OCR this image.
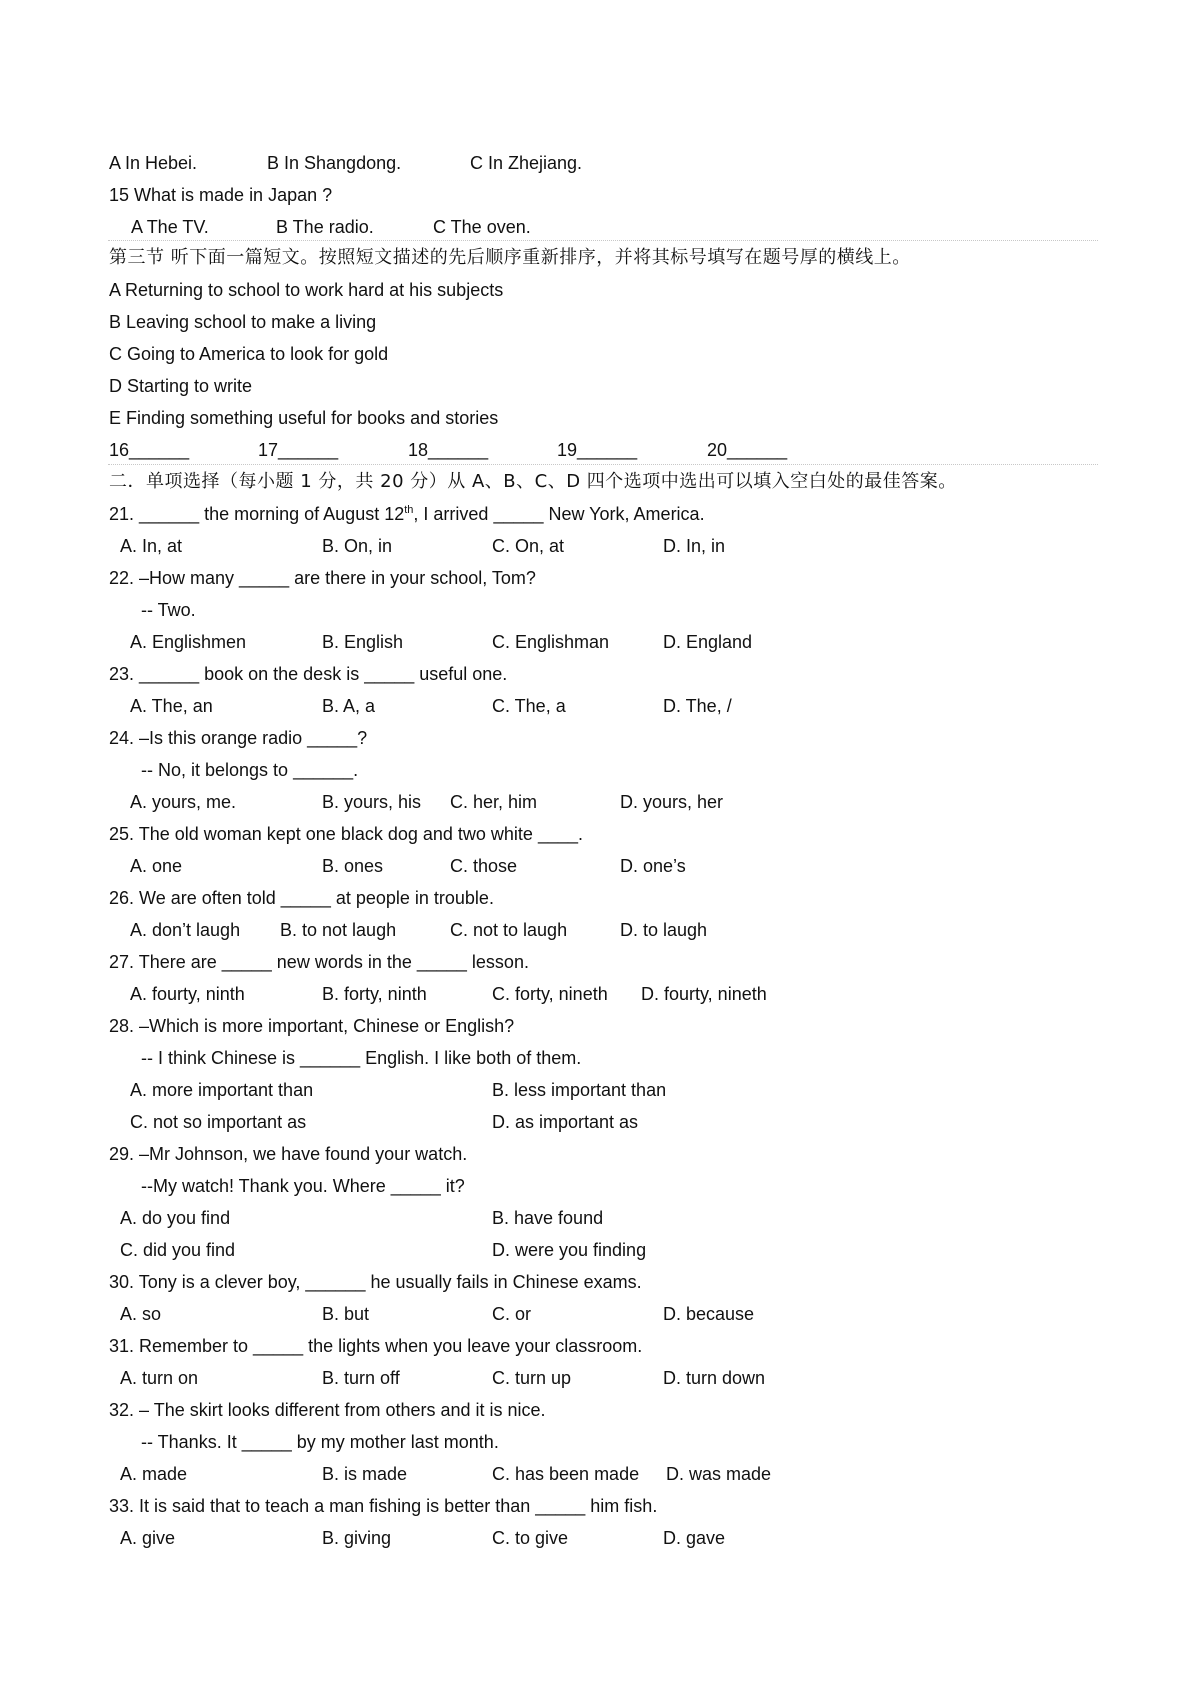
A In Hebei.	B In Shangdong.	C In Zhejiang.
15 What is made in Japan ?
A The TV.	B The radio.	C The oven.
第三节 听下面一篇短文。按照短文描述的先后顺序重新排序，并将其标号填写在题号厚的横线上。
A Returning to school to work hard at his subjects
B Leaving school to make a living
C Going to America to look for gold
D Starting to write
E Finding something useful for books and stories
16______	17______	18______	19______	20______
二．单项选择（每小题 1 分，共 20 分）从 A、B、C、D 四个选项中选出可以填入空白处的最佳答案。
21. ______ the morning of August 12th, I arrived _____ New York, America.
A. In, at	B. On, in	C. On, at	D. In, in
22. –How many _____ are there in your school, Tom?
-- Two.
A. Englishmen	B. English	C. Englishman	D. England
23. ______ book on the desk is _____ useful one.
A. The, an	B. A, a	C. The, a	D. The, /
24. –Is this orange radio _____?
-- No, it belongs to ______.
A. yours, me.	B. yours, his C. her, him	D. yours, her
25. The old woman kept one black dog and two white ____.
A. one	B. ones	C. those	D. one’s
26. We are often told _____ at people in trouble.
A. don’t laugh B. to not laugh	C. not to laugh	D. to laugh
27. There are _____ new words in the _____ lesson.
A. fourty, ninth	B. forty, ninth	C. forty, nineth D. fourty, nineth
28. –Which is more important, Chinese or English?
-- I think Chinese is ______ English. I like both of them.
A. more important than	B. less important than
C. not so important as	D. as important as
29. –Mr Johnson, we have found your watch.
--My watch! Thank you. Where _____ it?
A. do you find	B. have found
C. did you find	D. were you finding
30. Tony is a clever boy, ______ he usually fails in Chinese exams.
A. so	B. but	C. or	D. because
31. Remember to _____ the lights when you leave your classroom.
A. turn on	B. turn off	C. turn up	D. turn down
32. – The skirt looks different from others and it is nice.
-- Thanks. It _____ by my mother last month.
A. made	B. is made	C. has been made D. was made
33. It is said that to teach a man fishing is better than _____ him fish.
A. give	B. giving	C. to give	D. gave
